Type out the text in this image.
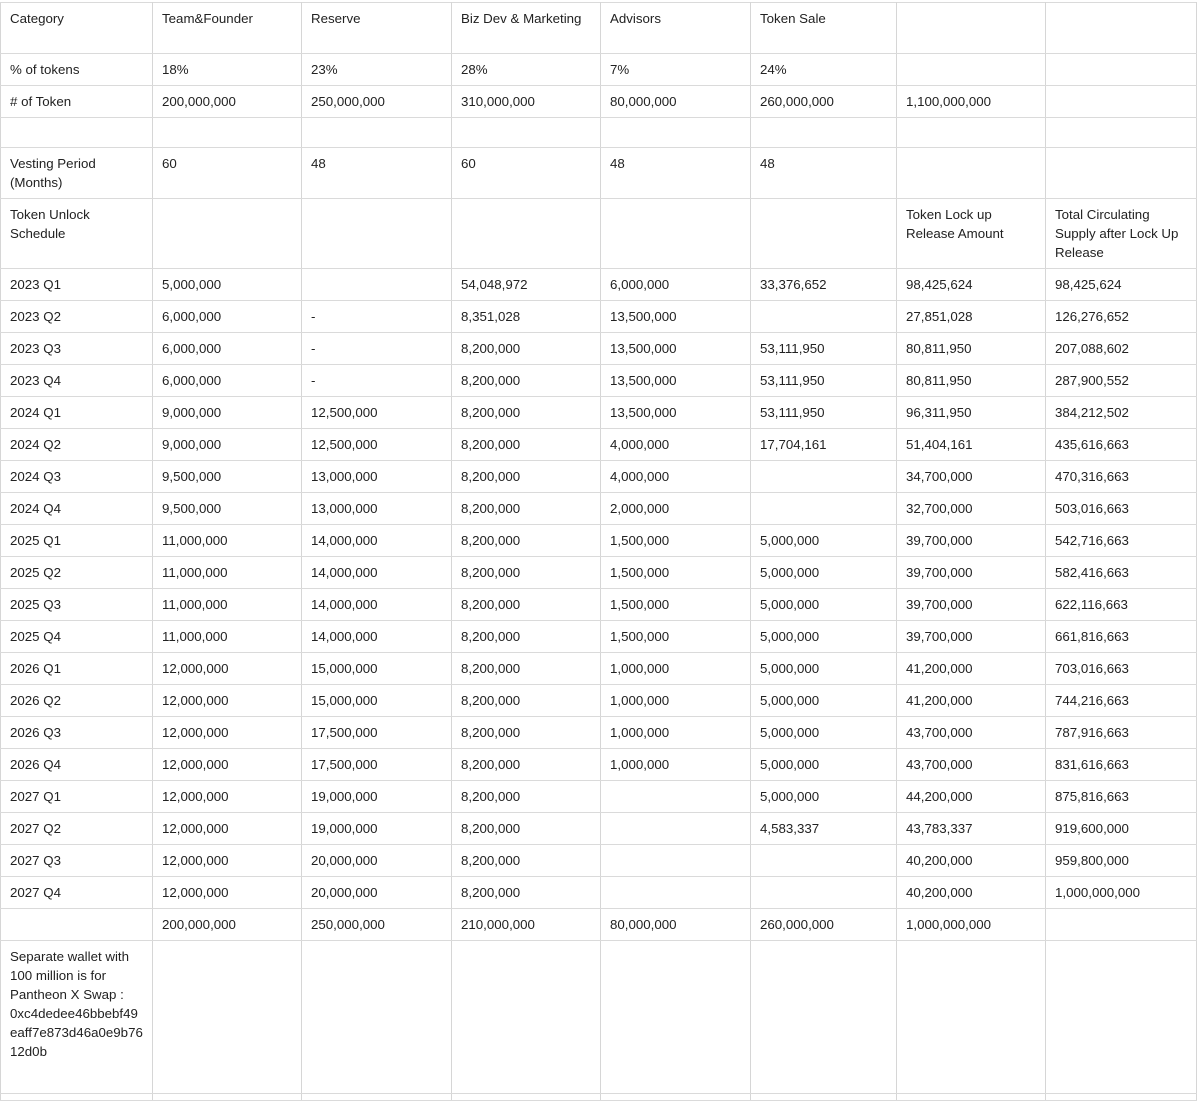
Category	Team&Founder	Reserve	Biz Dev & Marketing	Advisors	Token Sale		
% of tokens	18%	23%	28%	7%	24%		
# of Token	200,000,000	250,000,000	310,000,000	80,000,000	260,000,000	1,100,000,000	

Vesting Period (Months)	60	48	60	48	48		
Token Unlock Schedule						Token Lock up Release Amount	Total Circulating Supply after Lock Up Release
2023 Q1	5,000,000		54,048,972	6,000,000	33,376,652	98,425,624	98,425,624
2023 Q2	6,000,000	-	8,351,028	13,500,000		27,851,028	126,276,652
2023 Q3	6,000,000	-	8,200,000	13,500,000	53,111,950	80,811,950	207,088,602
2023 Q4	6,000,000	-	8,200,000	13,500,000	53,111,950	80,811,950	287,900,552
2024 Q1	9,000,000	12,500,000	8,200,000	13,500,000	53,111,950	96,311,950	384,212,502
2024 Q2	9,000,000	12,500,000	8,200,000	4,000,000	17,704,161	51,404,161	435,616,663
2024 Q3	9,500,000	13,000,000	8,200,000	4,000,000		34,700,000	470,316,663
2024 Q4	9,500,000	13,000,000	8,200,000	2,000,000		32,700,000	503,016,663
2025 Q1	11,000,000	14,000,000	8,200,000	1,500,000	5,000,000	39,700,000	542,716,663
2025 Q2	11,000,000	14,000,000	8,200,000	1,500,000	5,000,000	39,700,000	582,416,663
2025 Q3	11,000,000	14,000,000	8,200,000	1,500,000	5,000,000	39,700,000	622,116,663
2025 Q4	11,000,000	14,000,000	8,200,000	1,500,000	5,000,000	39,700,000	661,816,663
2026 Q1	12,000,000	15,000,000	8,200,000	1,000,000	5,000,000	41,200,000	703,016,663
2026 Q2	12,000,000	15,000,000	8,200,000	1,000,000	5,000,000	41,200,000	744,216,663
2026 Q3	12,000,000	17,500,000	8,200,000	1,000,000	5,000,000	43,700,000	787,916,663
2026 Q4	12,000,000	17,500,000	8,200,000	1,000,000	5,000,000	43,700,000	831,616,663
2027 Q1	12,000,000	19,000,000	8,200,000		5,000,000	44,200,000	875,816,663
2027 Q2	12,000,000	19,000,000	8,200,000		4,583,337	43,783,337	919,600,000
2027 Q3	12,000,000	20,000,000	8,200,000			40,200,000	959,800,000
2027 Q4	12,000,000	20,000,000	8,200,000			40,200,000	1,000,000,000
	200,000,000	250,000,000	210,000,000	80,000,000	260,000,000	1,000,000,000	
Separate wallet with 100 million is for Pantheon X Swap : 0xc4dedee46bbebf49eaff7e873d46a0e9b7612d0b							
